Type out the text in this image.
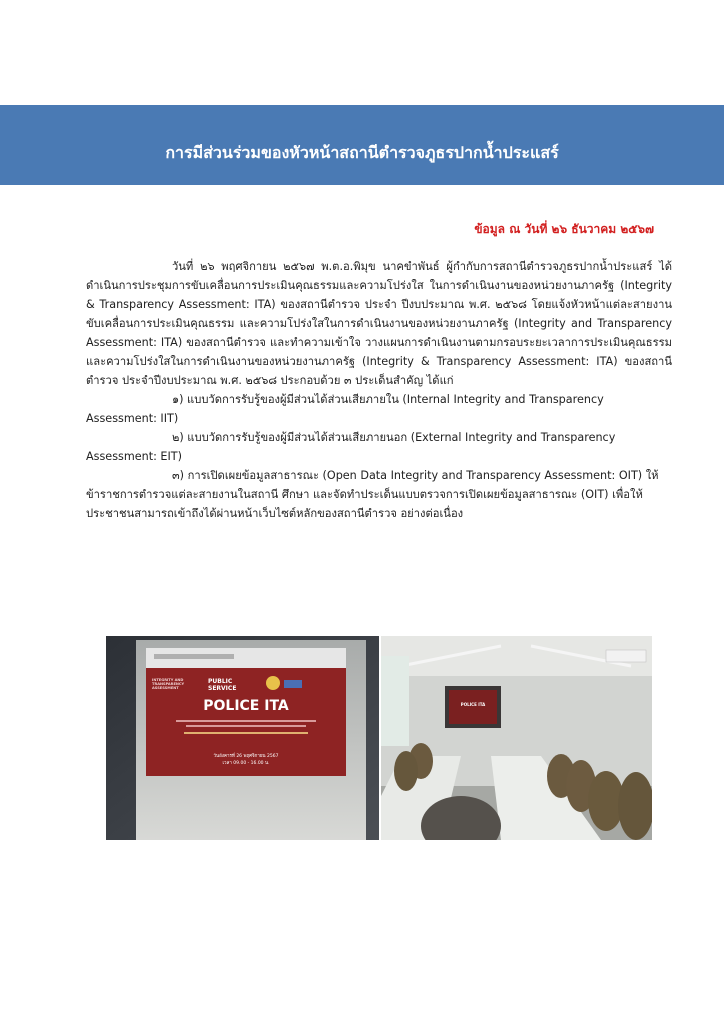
การมีส่วนร่วมของหัวหน้าสถานีตำรวจภูธรปากน้ำประแสร์
ข้อมูล ณ วันที่ ๒๖ ธันวาคม ๒๕๖๗

วันที่ ๒๖ พฤศจิกายน ๒๕๖๗ พ.ต.อ.พิมุข นาคขำพันธ์ ผู้กำกับการสถานีตำรวจภูธรปากน้ำประแสร์ ได้ดำเนินการประชุมการขับเคลื่อนการประเมินคุณธรรมและความโปร่งใส ในการดำเนินงานของหน่วยงานภาครัฐ (Integrity & Transparency Assessment: ITA) ของสถานีตำรวจ ประจำ ปีงบประมาณ พ.ศ. ๒๕๖๘ โดยแจ้งหัวหน้าแต่ละสายงานขับเคลื่อนการประเมินคุณธรรม และความโปร่งใสในการดำเนินงานของหน่วยงานภาครัฐ (Integrity and Transparency Assessment: ITA) ของสถานีตำรวจ และทำความเข้าใจ วางแผนการดำเนินงานตามกรอบระยะเวลาการประเมินคุณธรรม และความโปร่งใสในการดำเนินงานของหน่วยงานภาครัฐ (Integrity & Transparency Assessment: ITA) ของสถานีตำรวจ ประจำปีงบประมาณ พ.ศ. ๒๕๖๘ ประกอบด้วย ๓ ประเด็นสำคัญ ได้แก่

๑) แบบวัดการรับรู้ของผู้มีส่วนได้ส่วนเสียภายใน (Internal Integrity and Transparency Assessment: IIT)

๒) แบบวัดการรับรู้ของผู้มีส่วนได้ส่วนเสียภายนอก (External Integrity and Transparency Assessment: EIT)

๓) การเปิดเผยข้อมูลสาธารณะ (Open Data Integrity and Transparency Assessment: OIT) ให้ข้าราชการตำรวจแต่ละสายงานในสถานี ศึกษา และจัดทำประเด็นแบบตรวจการเปิดเผยข้อมูลสาธารณะ (OIT) เพื่อให้ประชาชนสามารถเข้าถึงได้ผ่านหน้าเว็บไซต์หลักของสถานีตำรวจ อย่างต่อเนื่อง

INTEGRITY AND TRANSPARENCY ASSESSMENT
PUBLIC
SERVICE
POLICE ITA
วันอังคารที่ 26 พฤศจิกายน 2567
เวลา 09.00 - 16.00 น.
POLICE ITA
